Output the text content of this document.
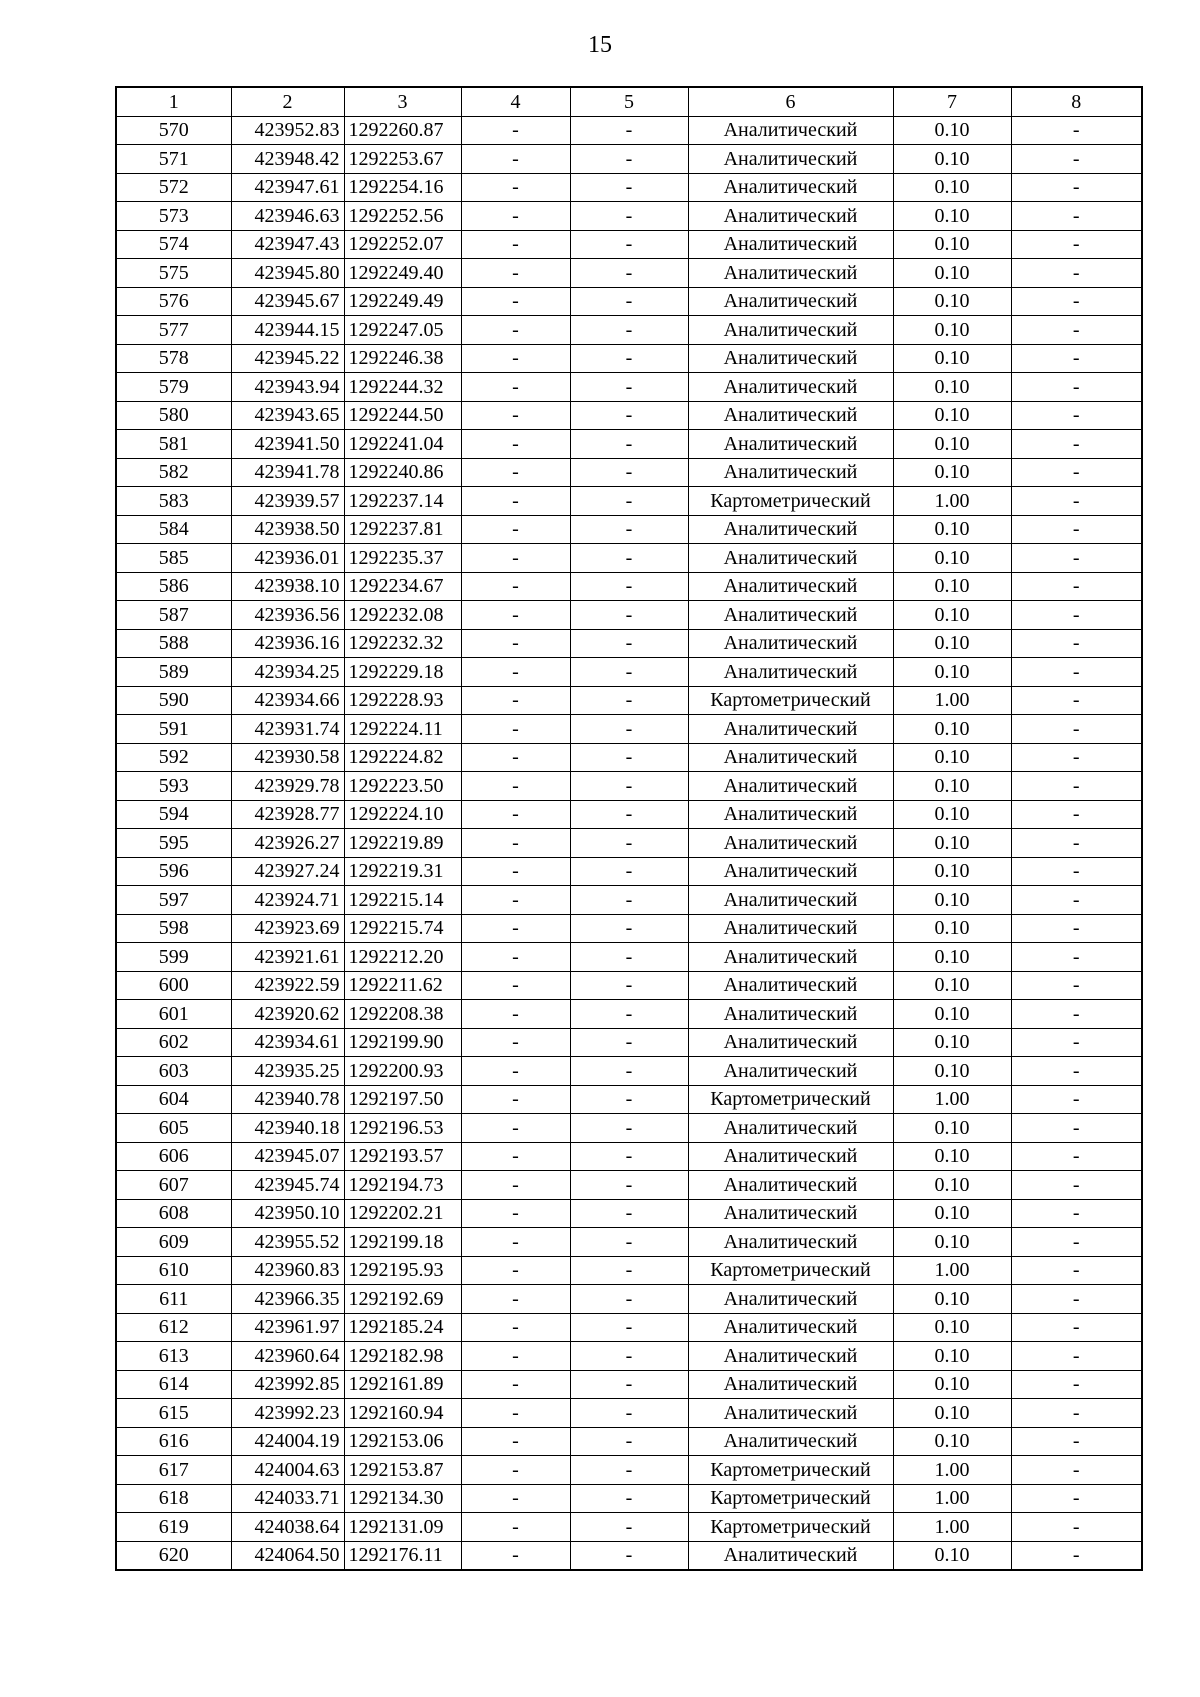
15
1	2	3	4	5	6	7	8
570	423952.83	1292260.87	-	-	Аналитический	0.10	-
571	423948.42	1292253.67	-	-	Аналитический	0.10	-
572	423947.61	1292254.16	-	-	Аналитический	0.10	-
573	423946.63	1292252.56	-	-	Аналитический	0.10	-
574	423947.43	1292252.07	-	-	Аналитический	0.10	-
575	423945.80	1292249.40	-	-	Аналитический	0.10	-
576	423945.67	1292249.49	-	-	Аналитический	0.10	-
577	423944.15	1292247.05	-	-	Аналитический	0.10	-
578	423945.22	1292246.38	-	-	Аналитический	0.10	-
579	423943.94	1292244.32	-	-	Аналитический	0.10	-
580	423943.65	1292244.50	-	-	Аналитический	0.10	-
581	423941.50	1292241.04	-	-	Аналитический	0.10	-
582	423941.78	1292240.86	-	-	Аналитический	0.10	-
583	423939.57	1292237.14	-	-	Картометрический	1.00	-
584	423938.50	1292237.81	-	-	Аналитический	0.10	-
585	423936.01	1292235.37	-	-	Аналитический	0.10	-
586	423938.10	1292234.67	-	-	Аналитический	0.10	-
587	423936.56	1292232.08	-	-	Аналитический	0.10	-
588	423936.16	1292232.32	-	-	Аналитический	0.10	-
589	423934.25	1292229.18	-	-	Аналитический	0.10	-
590	423934.66	1292228.93	-	-	Картометрический	1.00	-
591	423931.74	1292224.11	-	-	Аналитический	0.10	-
592	423930.58	1292224.82	-	-	Аналитический	0.10	-
593	423929.78	1292223.50	-	-	Аналитический	0.10	-
594	423928.77	1292224.10	-	-	Аналитический	0.10	-
595	423926.27	1292219.89	-	-	Аналитический	0.10	-
596	423927.24	1292219.31	-	-	Аналитический	0.10	-
597	423924.71	1292215.14	-	-	Аналитический	0.10	-
598	423923.69	1292215.74	-	-	Аналитический	0.10	-
599	423921.61	1292212.20	-	-	Аналитический	0.10	-
600	423922.59	1292211.62	-	-	Аналитический	0.10	-
601	423920.62	1292208.38	-	-	Аналитический	0.10	-
602	423934.61	1292199.90	-	-	Аналитический	0.10	-
603	423935.25	1292200.93	-	-	Аналитический	0.10	-
604	423940.78	1292197.50	-	-	Картометрический	1.00	-
605	423940.18	1292196.53	-	-	Аналитический	0.10	-
606	423945.07	1292193.57	-	-	Аналитический	0.10	-
607	423945.74	1292194.73	-	-	Аналитический	0.10	-
608	423950.10	1292202.21	-	-	Аналитический	0.10	-
609	423955.52	1292199.18	-	-	Аналитический	0.10	-
610	423960.83	1292195.93	-	-	Картометрический	1.00	-
611	423966.35	1292192.69	-	-	Аналитический	0.10	-
612	423961.97	1292185.24	-	-	Аналитический	0.10	-
613	423960.64	1292182.98	-	-	Аналитический	0.10	-
614	423992.85	1292161.89	-	-	Аналитический	0.10	-
615	423992.23	1292160.94	-	-	Аналитический	0.10	-
616	424004.19	1292153.06	-	-	Аналитический	0.10	-
617	424004.63	1292153.87	-	-	Картометрический	1.00	-
618	424033.71	1292134.30	-	-	Картометрический	1.00	-
619	424038.64	1292131.09	-	-	Картометрический	1.00	-
620	424064.50	1292176.11	-	-	Аналитический	0.10	-
